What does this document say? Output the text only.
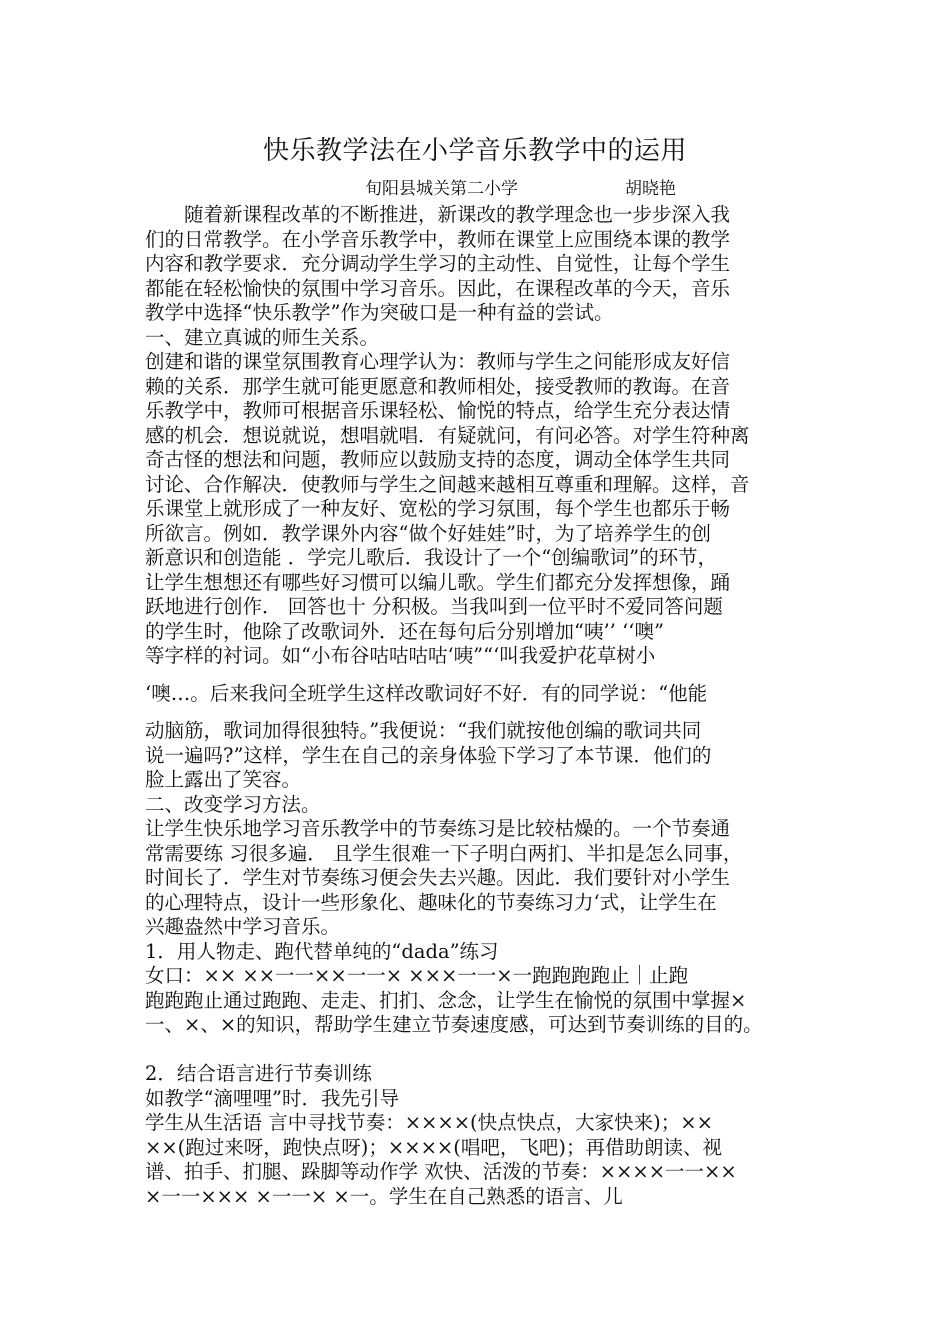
快乐教学法在小学音乐教学中的运用
旬阳县城关第二小学	胡晓艳
　　随着新课程改革的不断推进，新课改的教学理念也一步步深入我
们的日常教学。在小学音乐教学中，教师在课堂上应围绕本课的教学
内容和教学要求．充分调动学生学习的主动性、自觉性，让每个学生
都能在轻松愉快的氛围中学习音乐。因此，在课程改革的今天，音乐
教学中选择“快乐教学”作为突破口是一种有益的尝试。
一、建立真诚的师生关系。
创建和谐的课堂氛围教育心理学认为：教师与学生之问能形成友好信
赖的关系．那学生就可能更愿意和教师相处，接受教师的教诲。在音
乐教学中，教师可根据音乐课轻松、愉悦的特点，给学生充分表达情
感的机会．想说就说，想唱就唱．有疑就问，有问必答。对学生符种离
奇古怪的想法和问题，教师应以鼓励支持的态度，调动全体学生共同
讨论、合作解决．使教师与学生之间越来越相互尊重和理解。这样，音
乐课堂上就形成了一种友好、宽松的学习氛围，每个学生也都乐于畅
所欲言。例如．教学课外内容“做个好娃娃”时，为了培养学生的创
新意识和创造能 ．学完儿歌后．我设计了一个“创编歌词”的环节，
让学生想想还有哪些好习惯可以编儿歌。学生们都充分发挥想像，踊
跃地进行创作． 回答也十 分积极。当我叫到一位平时不爱同答问题
的学生时，他除了改歌词外．还在每句后分别增加“咦’’ ‘‘噢”
等字样的衬词。如“小布谷咕咕咕咕‘咦”“‘叫我爱护花草树小
‘噢…。后来我问全班学生这样改歌词好不好．有的同学说：“他能
动脑筋，歌词加得很独特。”我便说：“我们就按他创编的歌词共同
说一遍吗?”这样，学生在自己的亲身体验下学习了本节课．他们的
脸上露出了笑容。
二、改变学习方法。
让学生快乐地学习音乐教学中的节奏练习是比较枯燥的。一个节奏通
常需要练 习很多遍． 且学生很难一下子明白两扪、半扣是怎么同事，
时间长了．学生对节奏练习便会失去兴趣。因此．我们要针对小学生
的心理特点，设计一些形象化、趣味化的节奏练习力‘式，让学生在
兴趣盎然中学习音乐。
1．用人物走、跑代替单纯的“dada”练习
女口：×× ××一一××一一× ×××一一×一跑跑跑跑止｜止跑
跑跑跑止通过跑跑、走走、扪扪、念念，让学生在愉悦的氛围中掌握×
一、×、×的知识，帮助学生建立节奏速度感，可达到节奏训练的目的。
2．结合语言进行节奏训练
如教学“滴哩哩”时．我先引导
学生从生活语 言中寻找节奏：××××(快点快点，大家快来)；××
××(跑过来呀，跑快点呀)；××××(唱吧，飞吧)；再借助朗读、视
谱、拍手、扪腿、跺脚等动作学 欢快、活泼的节奏：××××一一××
×一一××× ×一一× ×一。学生在自己熟悉的语言、儿
